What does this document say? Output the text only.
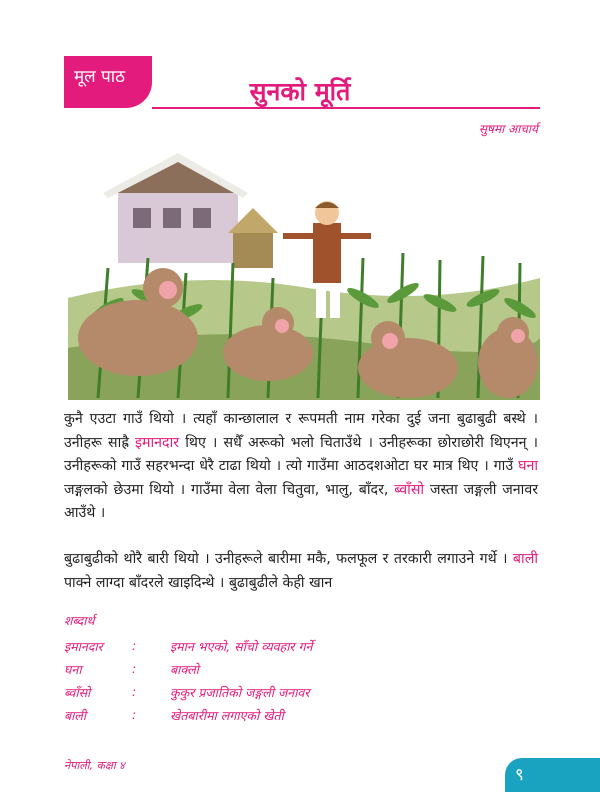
मूल पाठ	सुनको मूर्ति
सुषमा आचार्य
कुनै एउटा गाउँ थियो । त्यहाँ कान्छालाल र रूपमती नाम गरेका दुई जना बुढाबुढी बस्थे । उनीहरू साह्रै इमानदार थिए । सधैँ अरूको भलो चिताउँथे । उनीहरूका छोराछोरी थिएनन् । उनीहरूको गाउँ सहरभन्दा धेरै टाढा थियो । त्यो गाउँमा आठदशओटा घर मात्र थिए । गाउँ घना जङ्गलको छेउमा थियो । गाउँमा वेला वेला चितुवा, भालु, बाँदर, ब्वाँसो जस्ता जङ्गली जनावर आउँथे ।
बुढाबुढीको थोरै बारी थियो । उनीहरूले बारीमा मकै, फलफूल र तरकारी लगाउने गर्थे । बाली पाक्ने लाग्दा बाँदरले खाइदिन्थे । बुढाबुढीले केही खान
शब्दार्थ
इमानदार	:	इमान भएको, साँचो व्यवहार गर्ने
घना	:	बाक्लो
ब्वाँसो	:	कुकुर प्रजातिको जङ्गली जनावर
बाली	:	खेतबारीमा लगाएको खेती
नेपाली, कक्षा ४	९
